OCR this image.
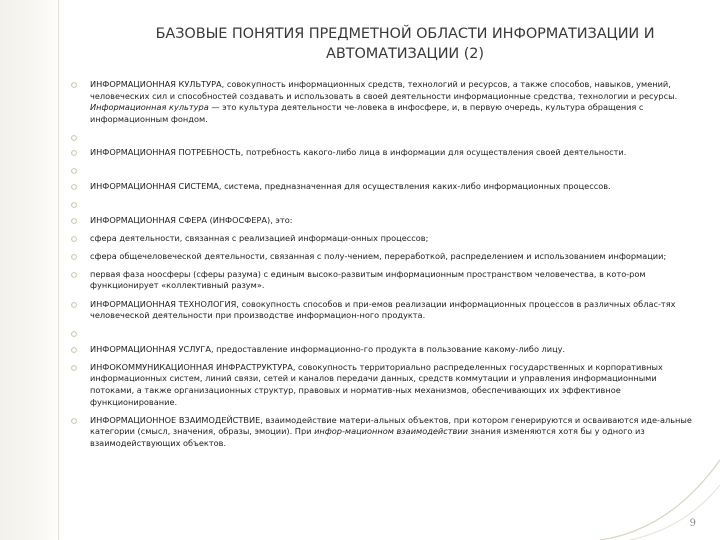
БАЗОВЫЕ ПОНЯТИЯ ПРЕДМЕТНОЙ ОБЛАСТИ ИНФОРМАТИЗАЦИИ И АВТОМАТИЗАЦИИ (2)
ИНФОРМАЦИОННАЯ КУЛЬТУРА, совокупность информационных средств, технологий и ресурсов, а также способов, навыков, умений, человеческих сил и способностей создавать и использовать в своей деятельности информационные средства, технологии и ресурсы. Информационная культура — это культура деятельности че-ловека в инфосфере, и, в первую очередь, культура обращения с информационным фондом.
ИНФОРМАЦИОННАЯ ПОТРЕБНОСТЬ, потребность какого-либо лица в информации для осуществления своей деятельности.
ИНФОРМАЦИОННАЯ СИСТЕМА, система, предназначенная для осуществления каких-либо информационных процессов.
ИНФОРМАЦИОННАЯ СФЕРА (ИНФОСФЕРА), это:
сфера деятельности, связанная с реализацией информаци-онных процессов;
сфера общечеловеческой деятельности, связанная с полу-чением, переработкой, распределением и использованием информации;
первая фаза ноосферы (сферы разума) с единым высоко-развитым информационным пространством человечества, в кото-ром функционирует «коллективный разум».
ИНФОРМАЦИОННАЯ ТЕХНОЛОГИЯ, совокупность способов и при-емов реализации информационных процессов в различных облас-тях человеческой деятельности при производстве информацион-ного продукта.
ИНФОРМАЦИОННАЯ УСЛУГА, предоставление информационно-го продукта в пользование какому-либо лицу.
ИНФОКОММУНИКАЦИОННАЯ ИНФРАСТРУКТУРА, совокупность территориально распределенных государственных и корпоративных информационных систем, линий связи, сетей и каналов передачи данных, средств коммутации и управления информационными потоками, а также организационных структур, правовых и норматив-ных механизмов, обеспечивающих их эффективное функционирование.
ИНФОРМАЦИОННОЕ ВЗАИМОДЕЙСТВИЕ, взаимодействие матери-альных объектов, при котором генерируются и осваиваются иде-альные категории (смысл, значения, образы, эмоции). При инфор-мационном взаимодействии знания изменяются хотя бы у одного из взаимодействующих объектов.
9
